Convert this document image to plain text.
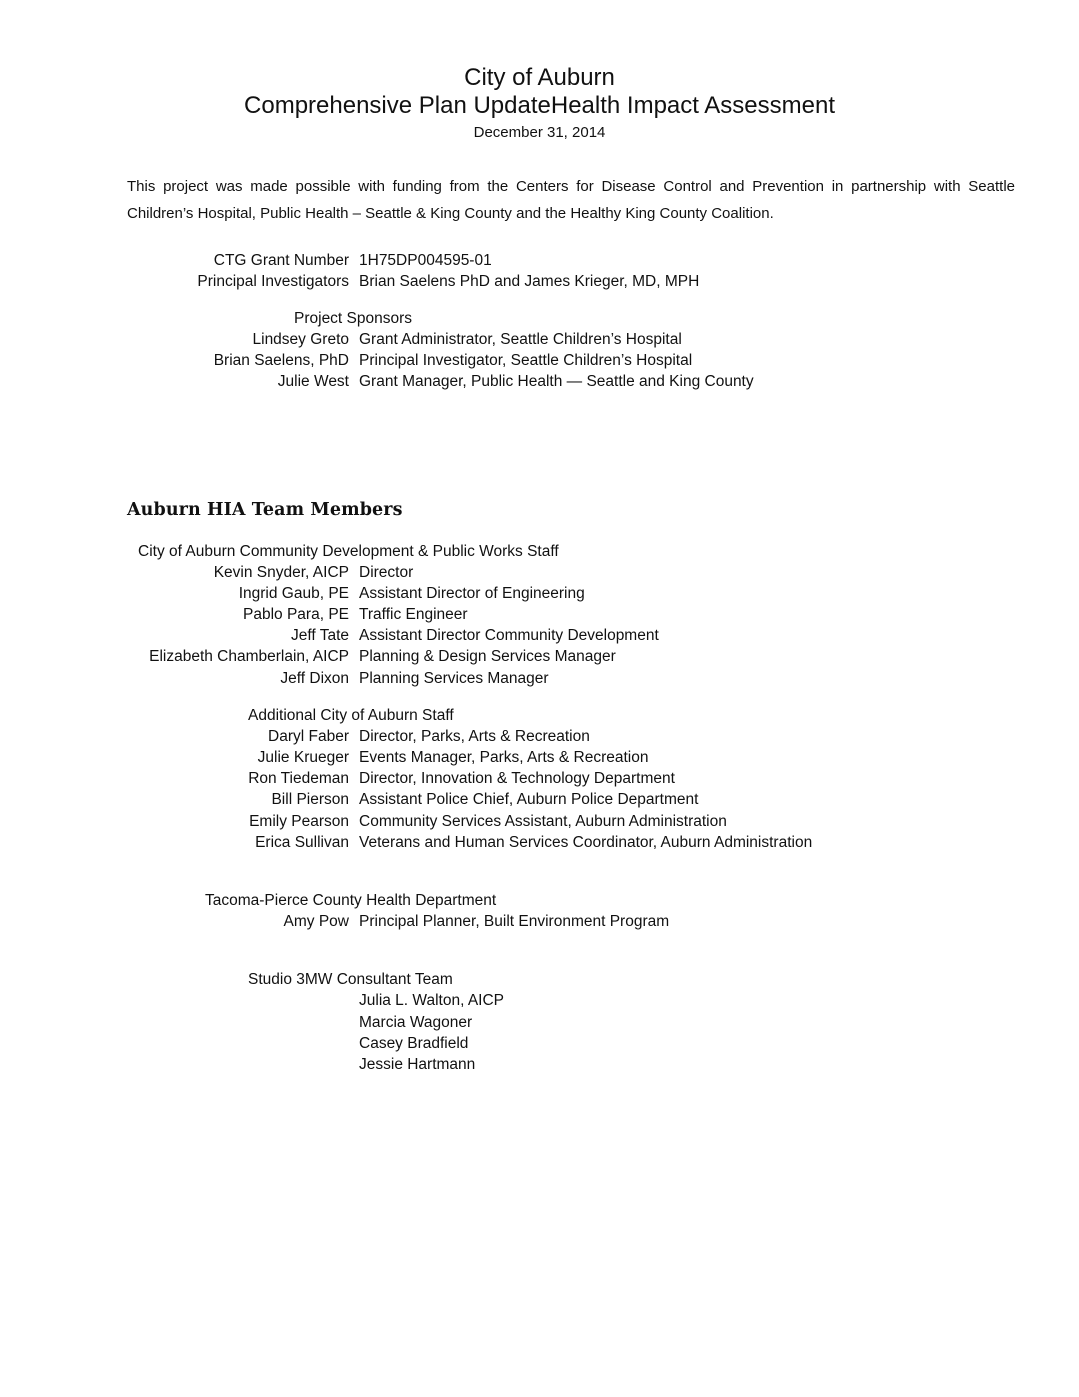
City of Auburn
Comprehensive Plan UpdateHealth Impact Assessment
December 31, 2014
This project was made possible with funding from the Centers for Disease Control and Prevention in partnership with Seattle Children’s Hospital, Public Health – Seattle & King County and the Healthy King County Coalition.
CTG Grant Number 1H75DP004595-01
Principal Investigators Brian Saelens PhD and James Krieger, MD, MPH
Project Sponsors
Lindsey Greto Grant Administrator, Seattle Children’s Hospital
Brian Saelens, PhD Principal Investigator, Seattle Children’s Hospital
Julie West Grant Manager, Public Health — Seattle and King County
Auburn HIA Team Members
City of Auburn Community Development & Public Works Staff
Kevin Snyder, AICP Director
Ingrid Gaub, PE Assistant Director of Engineering
Pablo Para, PE Traffic Engineer
Jeff Tate Assistant Director Community Development
Elizabeth Chamberlain, AICP Planning & Design Services Manager
Jeff Dixon Planning Services Manager
Additional City of Auburn Staff
Daryl Faber Director, Parks, Arts & Recreation
Julie Krueger Events Manager, Parks, Arts & Recreation
Ron Tiedeman Director, Innovation & Technology Department
Bill Pierson Assistant Police Chief, Auburn Police Department
Emily Pearson Community Services Assistant, Auburn Administration
Erica Sullivan Veterans and Human Services Coordinator, Auburn Administration
Tacoma-Pierce County Health Department
Amy Pow Principal Planner, Built Environment Program
Studio 3MW Consultant Team
Julia L. Walton, AICP
Marcia Wagoner
Casey Bradfield
Jessie Hartmann
